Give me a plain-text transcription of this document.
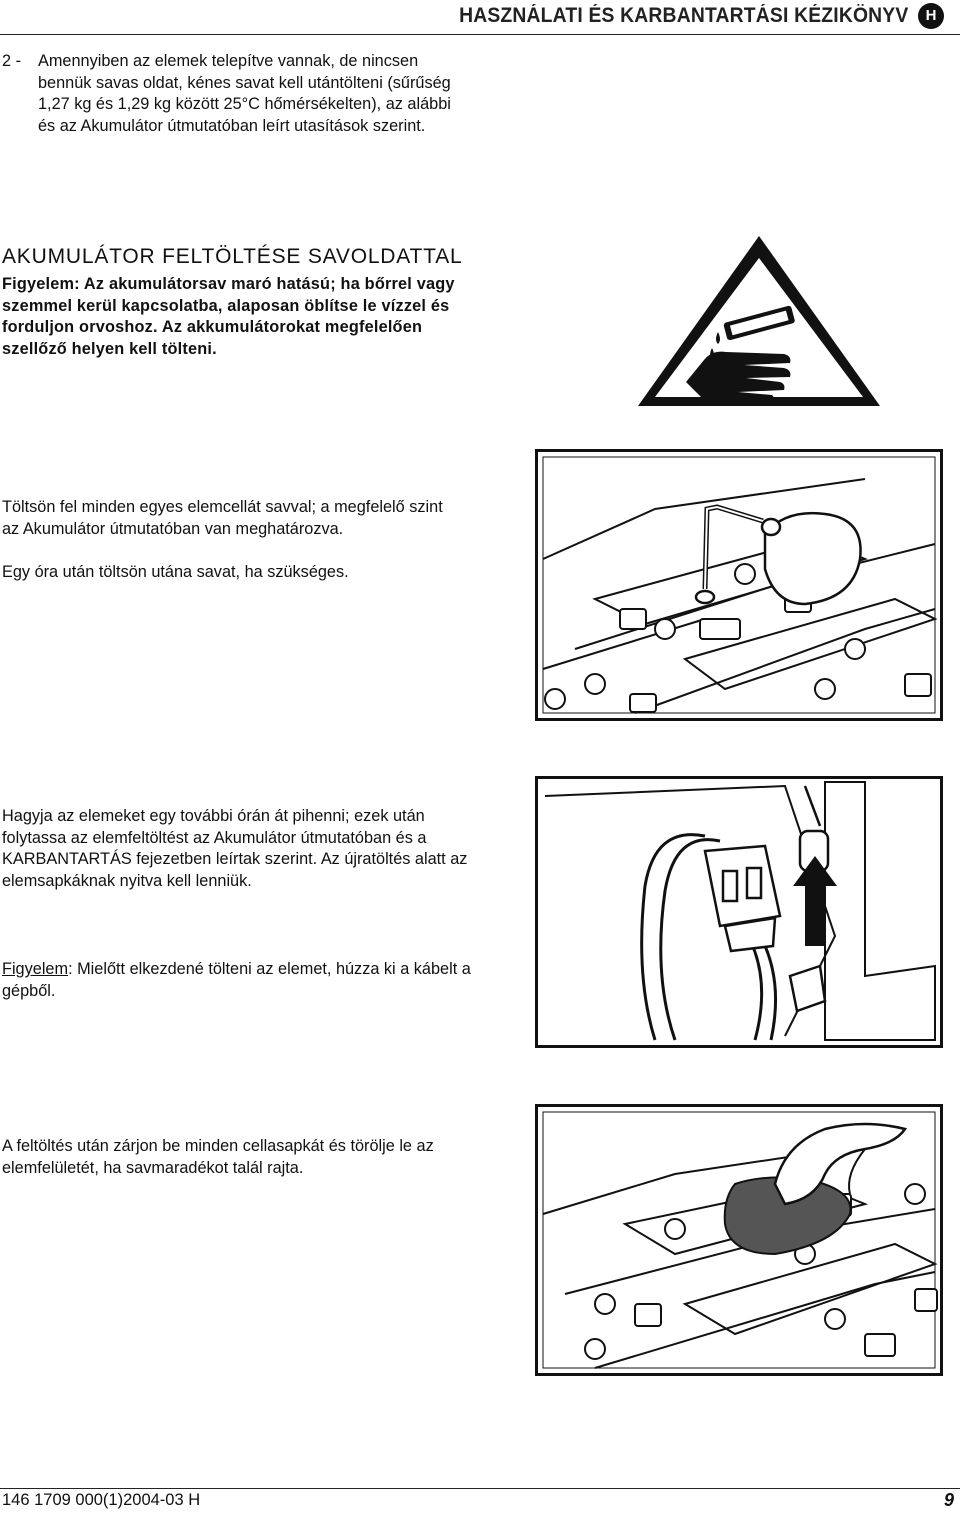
HASZNÁLATI ÉS KARBANTARTÁSI KÉZIKÖNYV	H
2 - Amennyiben az elemek telepítve vannak, de nincsen bennük savas oldat, kénes savat kell utántölteni (sűrűség 1,27 kg és 1,29 kg között 25°C hőmérsékelten), az alábbi és az Akumulátor útmutatóban leírt utasítások szerint.
AKUMULÁTOR FELTÖLTÉSE SAVOLDATTAL
Figyelem: Az akumulátorsav maró hatású; ha bőrrel vagy szemmel kerül kapcsolatba, alaposan öblítse le vízzel és forduljon orvoshoz. Az akkumulátorokat megfelelően szellőző helyen kell tölteni.
Töltsön fel minden egyes elemcellát savval; a megfelelő szint az Akumulátor útmutatóban van meghatározva.
Egy óra után töltsön utána savat, ha szükséges.
Hagyja az elemeket egy további órán át pihenni; ezek után folytassa az elemfeltöltést az Akumulátor útmutatóban és a KARBANTARTÁS fejezetben leírtak szerint. Az újratöltés alatt az elemsapkáknak nyitva kell lenniük.
Figyelem: Mielőtt elkezdené tölteni az elemet, húzza ki a kábelt a gépből.
A feltöltés után zárjon be minden cellasapkát és törölje le az elemfelületét, ha savmaradékot talál rajta.
146 1709 000(1)2004-03 H	9
